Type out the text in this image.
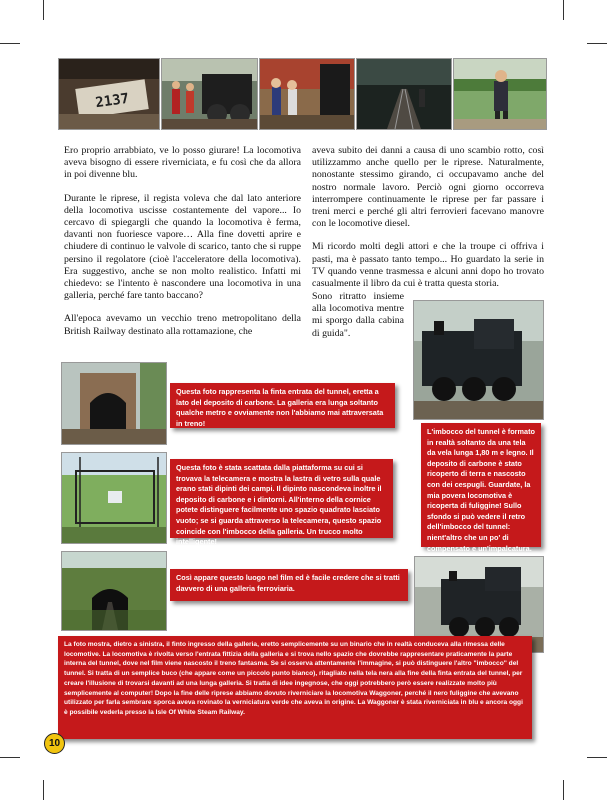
2137

Ero proprio arrabbiato, ve lo posso giurare! La locomotiva aveva bisogno di essere riverniciata, e fu così che da allora in poi divenne blu.

Durante le riprese, il regista voleva che dal lato anteriore della locomotiva uscisse costantemente del vapore... Io cercavo di spiegargli che quando la locomotiva è ferma, davanti non fuoriesce vapore… Alla fine dovetti aprire e chiudere di continuo le valvole di scarico, tanto che si ruppe persino il regolatore (cioè l'acceleratore della locomotiva). Era suggestivo, anche se non molto realistico. Infatti mi chiedevo: se l'intento è nascondere una locomotiva in una galleria, perché fare tanto baccano?

All'epoca avevamo un vecchio treno metropolitano della British Railway destinato alla rottamazione, che

aveva subito dei danni a causa di uno scambio rotto, così utilizzammo anche quello per le riprese. Naturalmente, nonostante stessimo girando, ci occupavamo anche del nostro normale lavoro. Perciò ogni giorno occorreva interrompere continuamente le riprese per far passare i treni merci e perché gli altri ferrovieri facevano manovre con le locomotive diesel.

Mi ricordo molti degli attori e che la troupe ci offriva i pasti, ma è passato tanto tempo... Ho guardato la serie in TV quando venne trasmessa e alcuni anni dopo ho trovato casualmente il libro da cui è tratta questa storia.

Sono ritratto insieme alla locomotiva mentre mi sporgo dalla cabina di guida".

Questa foto rappresenta la finta entrata del tunnel, eretta a lato del deposito di carbone. La galleria era lunga soltanto qualche metro e ovviamente non l'abbiamo mai attraversata in treno!
Questa foto è stata scattata dalla piattaforma su cui si trovava la telecamera e mostra la lastra di vetro sulla quale erano stati dipinti dei campi. Il dipinto nascondeva inoltre il deposito di carbone e i dintorni. All'interno della cornice potete distinguere facilmente uno spazio quadrato lasciato vuoto; se si guarda attraverso la telecamera, questo spazio coincide con l'imbocco della galleria. Un trucco molto intelligente!
L'imbocco del tunnel è formato in realtà soltanto da una tela da vela lunga 1,80 m e legno. Il deposito di carbone è stato ricoperto di terra e nascosto con dei cespugli. Guardate, la mia povera locomotiva è ricoperta di fuliggine! Sullo sfondo si può vedere il retro dell'imbocco del tunnel: nient'altro che un po' di compensato e un'impalcatura.
Così appare questo luogo nel film ed è facile credere che si tratti davvero di una galleria ferroviaria.
La foto mostra, dietro a sinistra, il finto ingresso della galleria, eretto semplicemente su un binario che in realtà conduceva alla rimessa delle locomotive. La locomotiva è rivolta verso l'entrata fittizia della galleria e si trova nello spazio che dovrebbe rappresentare praticamente la parte interna del tunnel, dove nel film viene nascosto il treno fantasma. Se si osserva attentamente l'immagine, si può distinguere l'altro "imbocco" del tunnel. Si tratta di un semplice buco (che appare come un piccolo punto bianco), ritagliato nella tela nera alla fine della finta entrata del tunnel, per creare l'illusione di trovarsi davanti ad una lunga galleria. Si tratta di idee ingegnose, che oggi potrebbero però essere realizzate molto più semplicemente al computer! Dopo la fine delle riprese abbiamo dovuto riverniciare la locomotiva Waggoner, perché il nero fuliggine che avevano utilizzato per farla sembrare sporca aveva rovinato la verniciatura verde che aveva in origine. La Waggoner è stata riverniciata in blu e ancora oggi è possibile vederla presso la Isle Of White Steam Railway.
10
